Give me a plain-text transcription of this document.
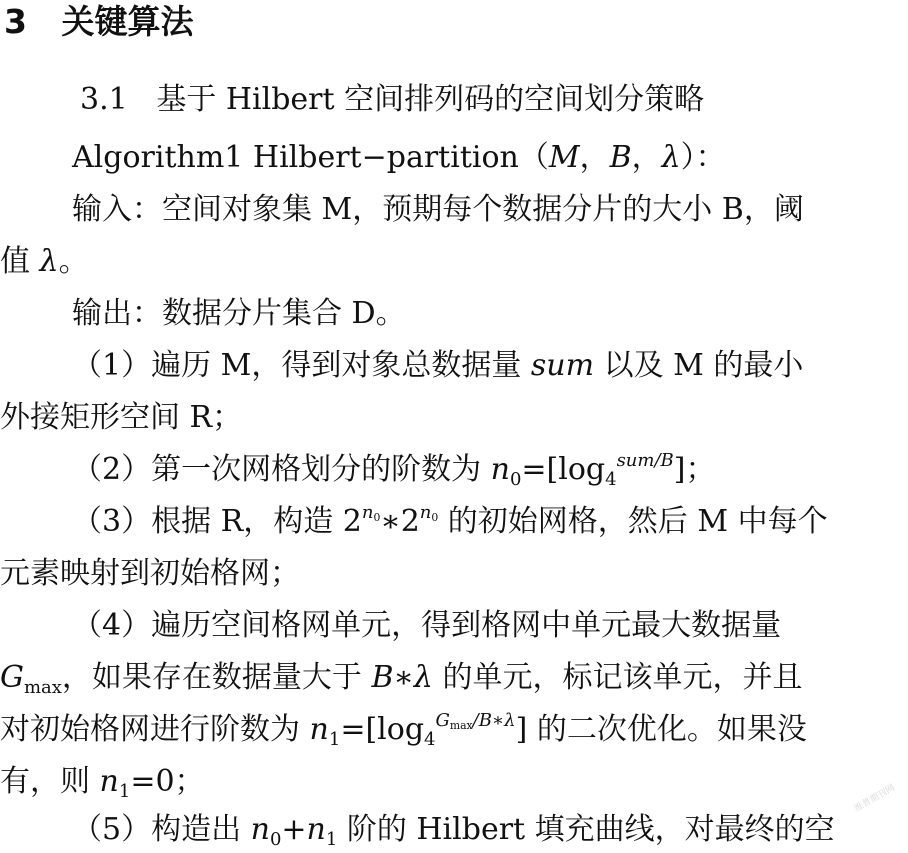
3 关键算法
3.1 基于 Hilbert 空间排列码的空间划分策略
Algorithm1 Hilbert−partition（M，B，λ）：
输入：空间对象集 M，预期每个数据分片的大小 B，阈
值 λ。
输出：数据分片集合 D。
（1）遍历 M，得到对象总数据量 sum 以及 M 的最小
外接矩形空间 R；
（2）第一次网格划分的阶数为 $n_0=[\log_4^{sum/B}]$；
（3）根据 R，构造 $2^{n_0}∗2^{n_0}$ 的初始网格，然后 M 中每个
元素映射到初始格网；
（4）遍历空间格网单元，得到格网中单元最大数据量
$G_{max}$，如果存在数据量大于 B∗λ 的单元，标记该单元，并且
对初始格网进行阶数为 $n_1=[\log_4^{G_{max}/B∗\lambda}]$ 的二次优化。如果没
有，则 $n_1=0$；
（5）构造出 $n_0+n_1$ 阶的 Hilbert 填充曲线，对最终的空
维普期刊网
